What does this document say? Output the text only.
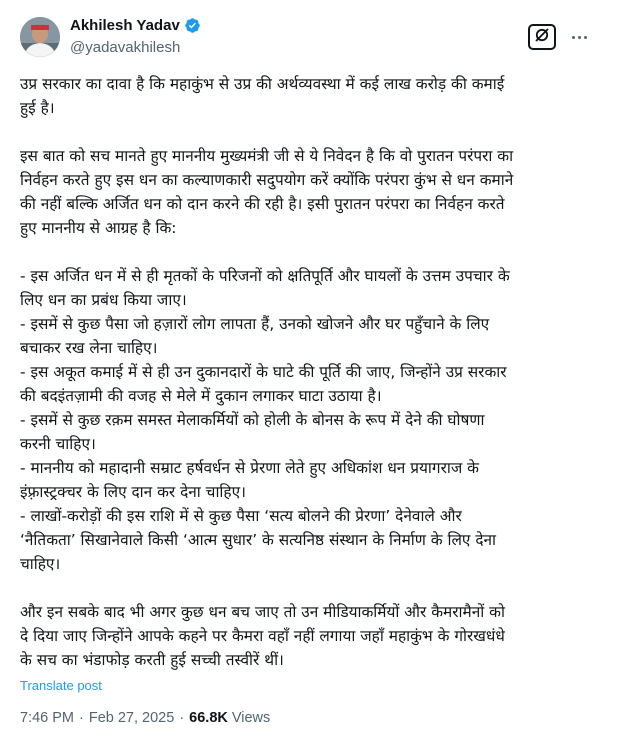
Akhilesh Yadav
@yadavakhilesh
उप्र सरकार का दावा है कि महाकुंभ से उप्र की अर्थव्यवस्था में कई लाख करोड़ की कमाई
हुई है।
इस बात को सच मानते हुए माननीय मुख्यमंत्री जी से ये निवेदन है कि वो पुरातन परंपरा का
निर्वहन करते हुए इस धन का कल्याणकारी सदुपयोग करें क्योंकि परंपरा कुंभ से धन कमाने
की नहीं बल्कि अर्जित धन को दान करने की रही है। इसी पुरातन परंपरा का निर्वहन करते
हुए माननीय से आग्रह है कि:
- इस अर्जित धन में से ही मृतकों के परिजनों को क्षतिपूर्ति और घायलों के उत्तम उपचार के
लिए धन का प्रबंध किया जाए।
- इसमें से कुछ पैसा जो हज़ारों लोग लापता हैं, उनको खोजने और घर पहुँचाने के लिए
बचाकर रख लेना चाहिए।
- इस अकूत कमाई में से ही उन दुकानदारों के घाटे की पूर्ति की जाए, जिन्होंने उप्र सरकार
की बदइंतज़ामी की वजह से मेले में दुकान लगाकर घाटा उठाया है।
- इसमें से कुछ रक़म समस्त मेलाकर्मियों को होली के बोनस के रूप में देने की घोषणा
करनी चाहिए।
- माननीय को महादानी सम्राट हर्षवर्धन से प्रेरणा लेते हुए अधिकांश धन प्रयागराज के
इंफ़्रास्ट्रक्चर के लिए दान कर देना चाहिए।
- लाखों-करोड़ों की इस राशि में से कुछ पैसा ‘सत्य बोलने की प्रेरणा’ देनेवाले और
‘नैतिकता’ सिखानेवाले किसी ‘आत्म सुधार’ के सत्यनिष्ठ संस्थान के निर्माण के लिए देना
चाहिए।
और इन सबके बाद भी अगर कुछ धन बच जाए तो उन मीडियाकर्मियों और कैमरामैनों को
दे दिया जाए जिन्होंने आपके कहने पर कैमरा वहाँ नहीं लगाया जहाँ महाकुंभ के गोरखधंधे
के सच का भंडाफोड़ करती हुई सच्ची तस्वीरें थीं।
Translate post
7:46 PM · Feb 27, 2025 · 66.8K Views
